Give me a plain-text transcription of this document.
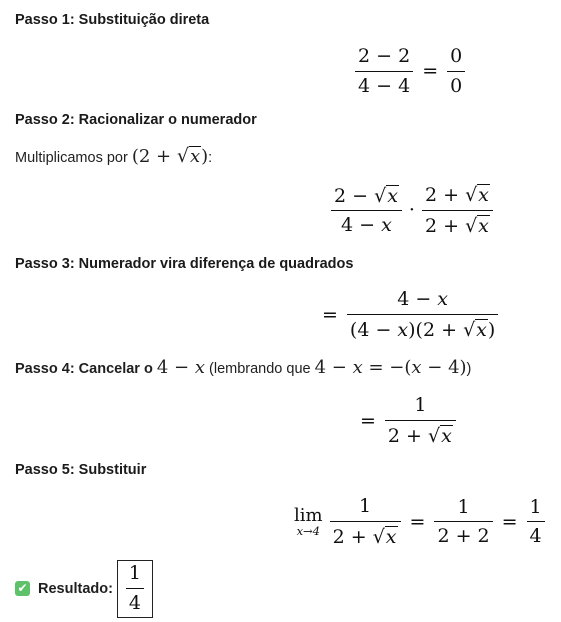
Passo 1: Substituição direta
$\frac{2 - 2}{4 - 4} = \frac{0}{0}$
Passo 2: Racionalizar o numerador
Multiplicamos por (2 + √ x ):
$\frac{2 - √ x}{4 - x} \cdot \frac{2 + √ x}{2 + √ x}$
Passo 3: Numerador vira diferença de quadrados
= $\frac{4 - x}{(4 - x)(2 + √ x )}$
Passo 4: Cancelar o 4 − x (lembrando que 4 − x = −(x − 4))
= $\frac{1}{2 + √ x}$
Passo 5: Substituir
lim
$x\to 4 \frac{1}{2 + √ x} = \frac{1}{2 + 2} = \frac{1}{4}$
✔ Resultado: $\frac{1}{4}$
